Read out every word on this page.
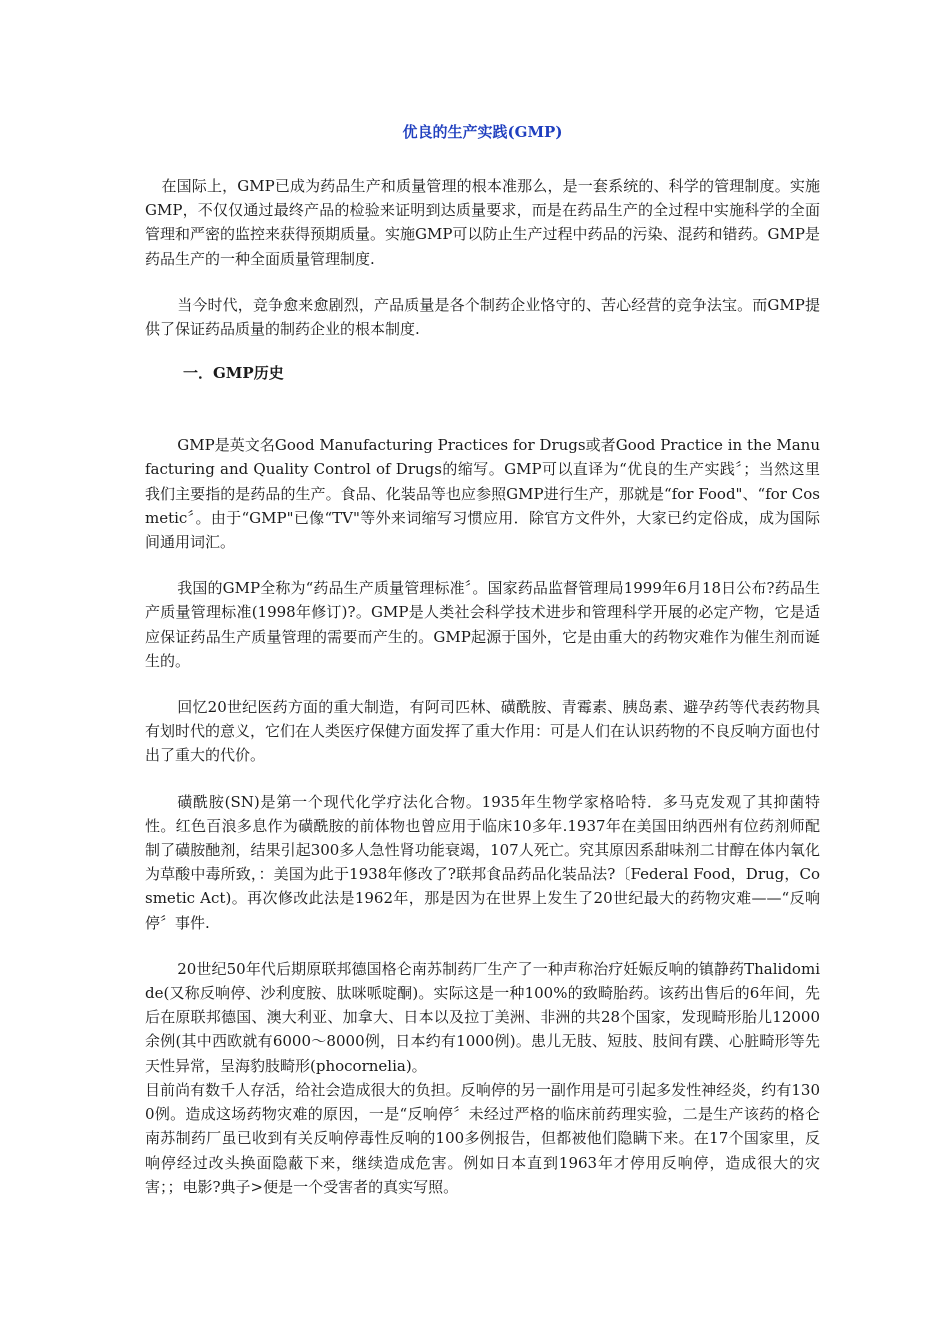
优良的生产实践(GMP)

在国际上，GMP已成为药品生产和质量管理的根本准那么，是一套系统的、科学的管理制度。实施GMP，不仅仅通过最终产品的检验来证明到达质量要求，而是在药品生产的全过程中实施科学的全面管理和严密的监控来获得预期质量。实施GMP可以防止生产过程中药品的污染、混药和错药。GMP是药品生产的一种全面质量管理制度.

当今时代，竞争愈来愈剧烈，产品质量是各个制药企业恪守的、苦心经营的竞争法宝。而GMP提供了保证药品质量的制药企业的根本制度.

一．GMP历史

GMP是英文名Good Manufacturing Practices for Drugs或者Good Practice in the Manufacturing and Quality Control of Drugs的缩写。GMP可以直译为“优良的生产实践〞；当然这里我们主要指的是药品的生产。食品、化装品等也应参照GMP进行生产，那就是“for Food"、“for Cosmetic〞。由于“GMP"已像“TV"等外来词缩写习惯应用．除官方文件外，大家已约定俗成，成为国际间通用词汇。

我国的GMP全称为“药品生产质量管理标准〞。国家药品监督管理局1999年6月18日公布?药品生产质量管理标准(1998年修订)?。GMP是人类社会科学技术进步和管理科学开展的必定产物，它是适应保证药品生产质量管理的需要而产生的。GMP起源于国外，它是由重大的药物灾难作为催生剂而诞生的。

回忆20世纪医药方面的重大制造，有阿司匹林、磺酰胺、青霉素、胰岛素、避孕药等代表药物具有划时代的意义，它们在人类医疗保健方面发挥了重大作用：可是人们在认识药物的不良反响方面也付出了重大的代价。

磺酰胺(SN)是第一个现代化学疗法化合物。1935年生物学家格哈特．多马克发观了其抑菌特性。红色百浪多息作为磺酰胺的前体物也曾应用于临床10多年.1937年在美国田纳西州有位药剂师配制了磺胺酏剂，结果引起300多人急性肾功能衰竭，107人死亡。究其原因系甜味剂二甘醇在体内氧化为草酸中毒所致，：美国为此于1938年修改了?联邦食品药品化装品法?〔Federal Food，Drug，Cosmetic Act)。再次修改此法是1962年，那是因为在世界上发生了20世纪最大的药物灾难——“反响停〞事件.

20世纪50年代后期原联邦德国格仑南苏制药厂生产了一种声称治疗妊娠反响的镇静药Thalidomide(又称反响停、沙利度胺、肽咪哌啶酮)。实际这是一种100%的致畸胎药。该药出售后的6年间，先后在原联邦德国、澳大利亚、加拿大、日本以及拉丁美洲、非洲的共28个国家，发现畸形胎儿12000余例(其中西欧就有6000～8000例，日本约有1000例)。患儿无肢、短肢、肢间有蹼、心脏畸形等先天性异常，呈海豹肢畸形(phocornelia)。

目前尚有数千人存活，给社会造成很大的负担。反响停的另一副作用是可引起多发性神经炎，约有1300例。造成这场药物灾难的原因，一是“反响停〞未经过严格的临床前药理实验，二是生产该药的格仑南苏制药厂虽已收到有关反响停毒性反响的100多例报告，但都被他们隐瞒下来。在17个国家里，反响停经过改头换面隐蔽下来，继续造成危害。例如日本直到1963年才停用反响停，造成很大的灾害；；电影?典子>便是一个受害者的真实写照。
